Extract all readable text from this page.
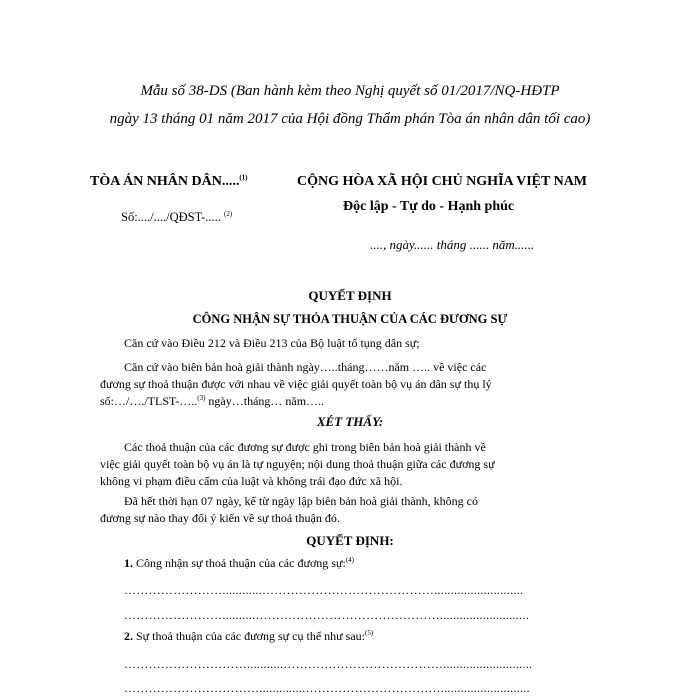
Mẫu số 38-DS (Ban hành kèm theo Nghị quyết số 01/2017/NQ-HĐTP
ngày 13 tháng 01 năm 2017 của Hội đồng Thẩm phán Tòa án nhân dân tối cao)
TÒA ÁN NHÂN DÂN.....$^{(1)}$
Số:..../..../QĐST-..... $^{(2)}$
CỘNG HÒA XÃ HỘI CHỦ NGHĨA VIỆT NAM
Độc lập - Tự do - Hạnh phúc
...., ngày...... tháng ...... năm......
QUYẾT ĐỊNH
CÔNG NHẬN SỰ THỎA THUẬN CỦA CÁC ĐƯƠNG SỰ
Căn cứ vào Điều 212 và Điều 213 của Bộ luật tố tụng dân sự;
Căn cứ vào biên bản hoà giải thành ngày…..tháng……năm ….. về việc các đương sự thoả thuận được với nhau về việc giải quyết toàn bộ vụ án dân sự thụ lý số:…/…./TLST-…..$^{(3)}$ ngày…tháng… năm…..
XÉT THẤY:
Các thoả thuận của các đương sự được ghi trong biên bản hoà giải thành về việc giải quyết toàn bộ vụ án là tự nguyện; nội dung thoả thuận giữa các đương sự không vi phạm điều cấm của luật và không trái đạo đức xã hội.
Đã hết thời hạn 07 ngày, kể từ ngày lập biên bản hoà giải thành, không có đương sự nào thay đổi ý kiến về sự thoả thuận đó.
QUYẾT ĐỊNH:
1. Công nhận sự thoả thuận của các đương sự:$^{(4)}$
……………………............……………………………………...........................
……………………..........………………………………………...........................
2. Sự thoả thuận của các đương sự cụ thể như sau:$^{(5)}$
…………………………...........…………………………………...........................
……………………………..............……………………………...........................
